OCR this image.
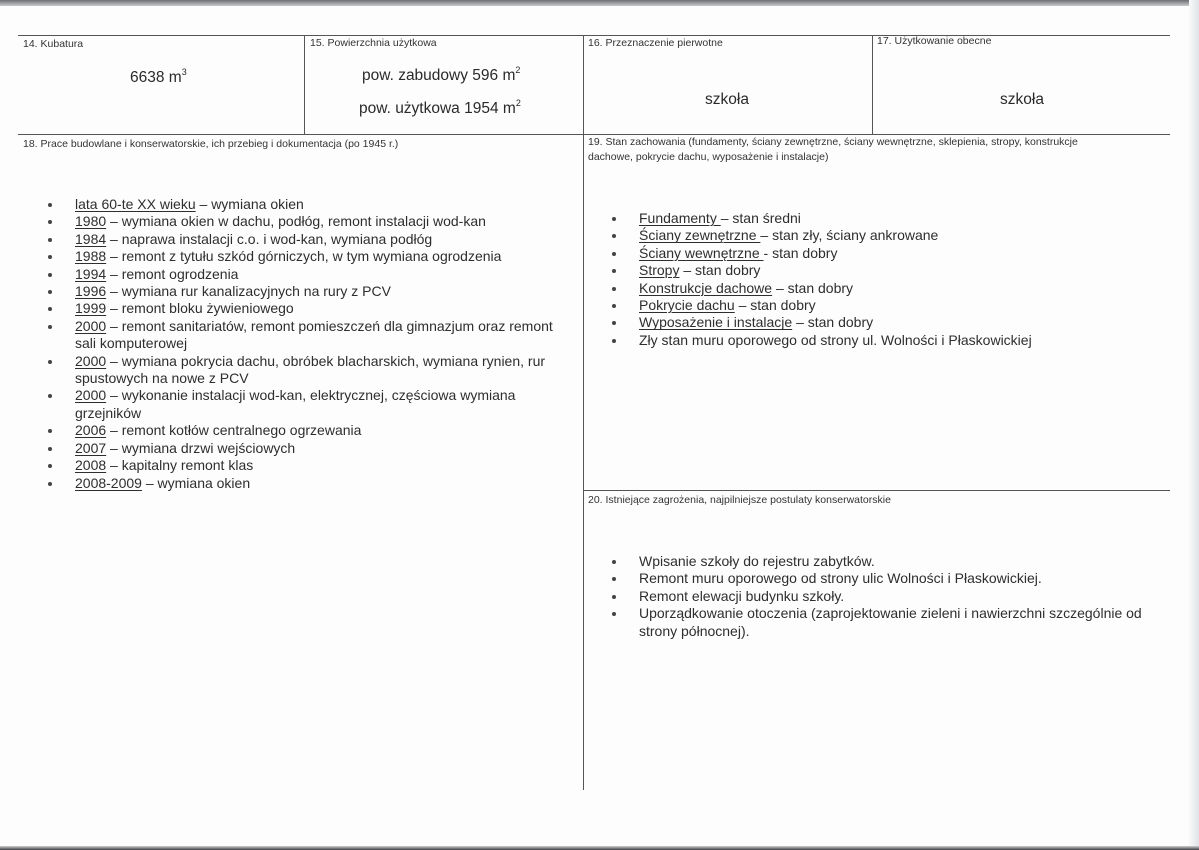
14. Kubatura
6638 $m^3$
15. Powierzchnia użytkowa
pow. zabudowy 596 $m^2$
pow. użytkowa 1954 $m^2$
16. Przeznaczenie pierwotne
szkoła
17. Użytkowanie obecne
szkoła
18. Prace budowlane i konserwatorskie, ich przebieg i dokumentacja (po 1945 r.)
lata 60-te XX wieku – wymiana okien
1980 – wymiana okien w dachu, podłóg, remont instalacji wod-kan
1984 – naprawa instalacji c.o. i wod-kan, wymiana podłóg
1988 – remont z tytułu szkód górniczych, w tym wymiana ogrodzenia
1994 – remont ogrodzenia
1996 – wymiana rur kanalizacyjnych na rury z PCV
1999 – remont bloku żywieniowego
2000 – remont sanitariatów, remont pomieszczeń dla gimnazjum oraz remont sali komputerowej
2000 – wymiana pokrycia dachu, obróbek blacharskich, wymiana rynien, rur spustowych na nowe z PCV
2000 – wykonanie instalacji wod-kan, elektrycznej, częściowa wymiana grzejników
2006 – remont kotłów centralnego ogrzewania
2007 – wymiana drzwi wejściowych
2008 – kapitalny remont klas
2008-2009 – wymiana okien
19. Stan zachowania (fundamenty, ściany zewnętrzne, ściany wewnętrzne, sklepienia, stropy, konstrukcje dachowe, pokrycie dachu, wyposażenie i instalacje)
Fundamenty – stan średni
Ściany zewnętrzne – stan zły, ściany ankrowane
Ściany wewnętrzne - stan dobry
Stropy – stan dobry
Konstrukcje dachowe – stan dobry
Pokrycie dachu – stan dobry
Wyposażenie i instalacje – stan dobry
Zły stan muru oporowego od strony ul. Wolności i Płaskowickiej
20. Istniejące zagrożenia, najpilniejsze postulaty konserwatorskie
Wpisanie szkoły do rejestru zabytków.
Remont muru oporowego od strony ulic Wolności i Płaskowickiej.
Remont elewacji budynku szkoły.
Uporządkowanie otoczenia (zaprojektowanie zieleni i nawierzchni szczególnie od strony północnej).
